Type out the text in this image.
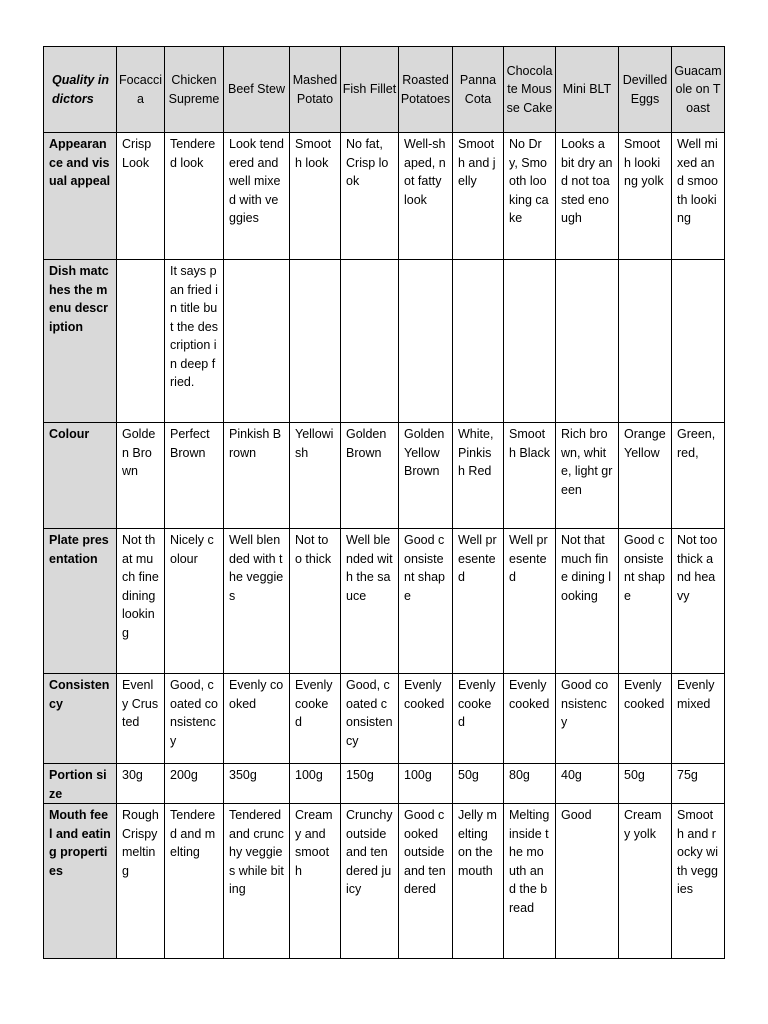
Quality indictors	Focaccia	Chicken Supreme	Beef Stew	Mashed Potato	Fish Fillet	Roasted Potatoes	Panna Cota	Chocolate Mousse Cake	Mini BLT	Devilled Eggs	Guacamole on Toast
Appearance and visual appeal	Crisp Look	Tendered look	Look tendered and well mixed with veggies	Smooth look	No fat, Crisp look	Well-shaped, not fatty look	Smooth and jelly	No Dry, Smooth looking cake	Looks a bit dry and not toasted enough	Smooth looking yolk	Well mixed and smooth looking
Dish matches the menu description		It says pan fried in title but the description in deep fried.									
Colour	Golden Brown	Perfect Brown	Pinkish Brown	Yellowish	Golden Brown	Golden Yellow Brown	White, Pinkish Red	Smooth Black	Rich brown, white, light green	Orange Yellow	Green, red,
Plate presentation	Not that much fine dining looking	Nicely colour	Well blended with the veggies	Not too thick	Well blended with the sauce	Good consistent shape	Well presented	Well presented	Not that much fine dining looking	Good consistent shape	Not too thick and heavy
Consistency	Evenly Crusted	Good, coated consistency	Evenly cooked	Evenly cooked	Good, coated consistency	Evenly cooked	Evenly cooked	Evenly cooked	Good consistency	Evenly cooked	Evenly mixed
Portion size	30g	200g	350g	100g	150g	100g	50g	80g	40g	50g	75g
Mouth feel and eating properties	Rough Crispy melting	Tendered and melting	Tendered and crunchy veggies while biting	Creamy and smooth	Crunchy outside and tendered juicy	Good cooked outside and tendered	Jelly melting on the mouth	Melting inside the mouth and the bread	Good	Creamy yolk	Smooth and rocky with veggies
